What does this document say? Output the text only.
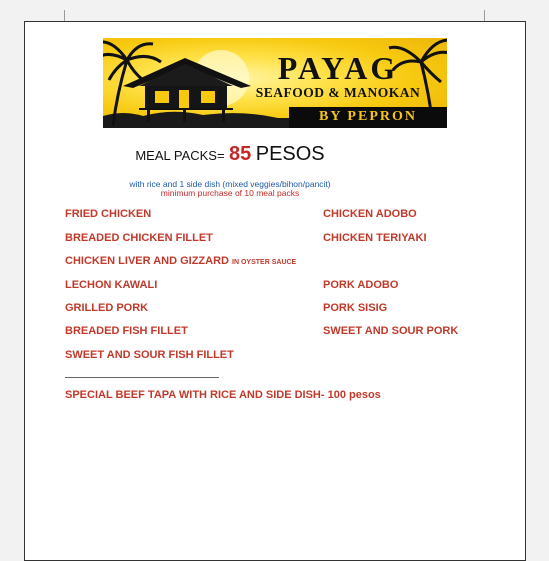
PAYAG
SEAFOOD & MANOKAN
BY PEPRON
MEAL PACKS= 85 PESOS
with rice and 1 side dish (mixed veggies/bihon/pancit)
minimum purchase of 10 meal packs
FRIED CHICKEN
BREADED CHICKEN FILLET
CHICKEN LIVER AND GIZZARD IN OYSTER SAUCE
LECHON KAWALI
GRILLED PORK
BREADED FISH FILLET
SWEET AND SOUR FISH FILLET
CHICKEN ADOBO
CHICKEN TERIYAKI
PORK ADOBO
PORK SISIG
SWEET AND SOUR PORK
SPECIAL BEEF TAPA WITH RICE AND SIDE DISH- 100 pesos
